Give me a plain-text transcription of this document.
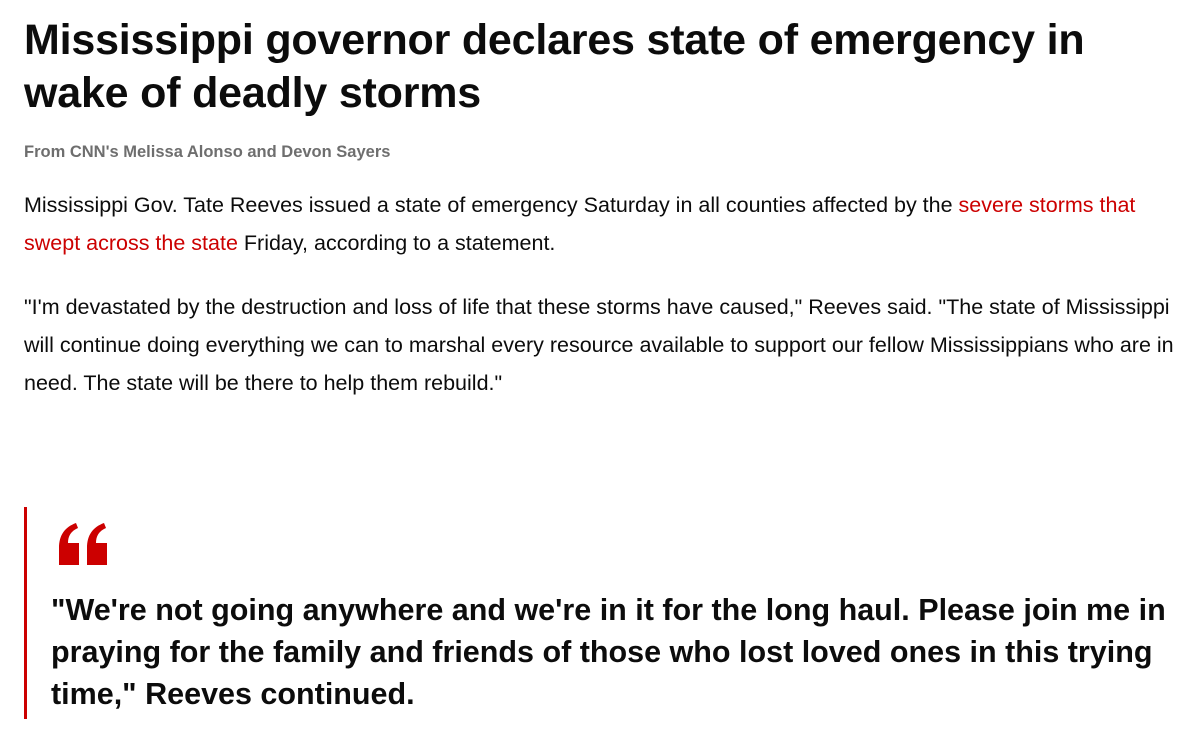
Mississippi governor declares state of emergency in wake of deadly storms

From CNN's Melissa Alonso and Devon Sayers

Mississippi Gov. Tate Reeves issued a state of emergency Saturday in all counties affected by the severe storms that swept across the state Friday, according to a statement.

"I'm devastated by the destruction and loss of life that these storms have caused," Reeves said. "The state of Mississippi will continue doing everything we can to marshal every resource available to support our fellow Mississippians who are in need. The state will be there to help them rebuild."

"We're not going anywhere and we're in it for the long haul. Please join me in praying for the family and friends of those who lost loved ones in this trying time," Reeves continued.
